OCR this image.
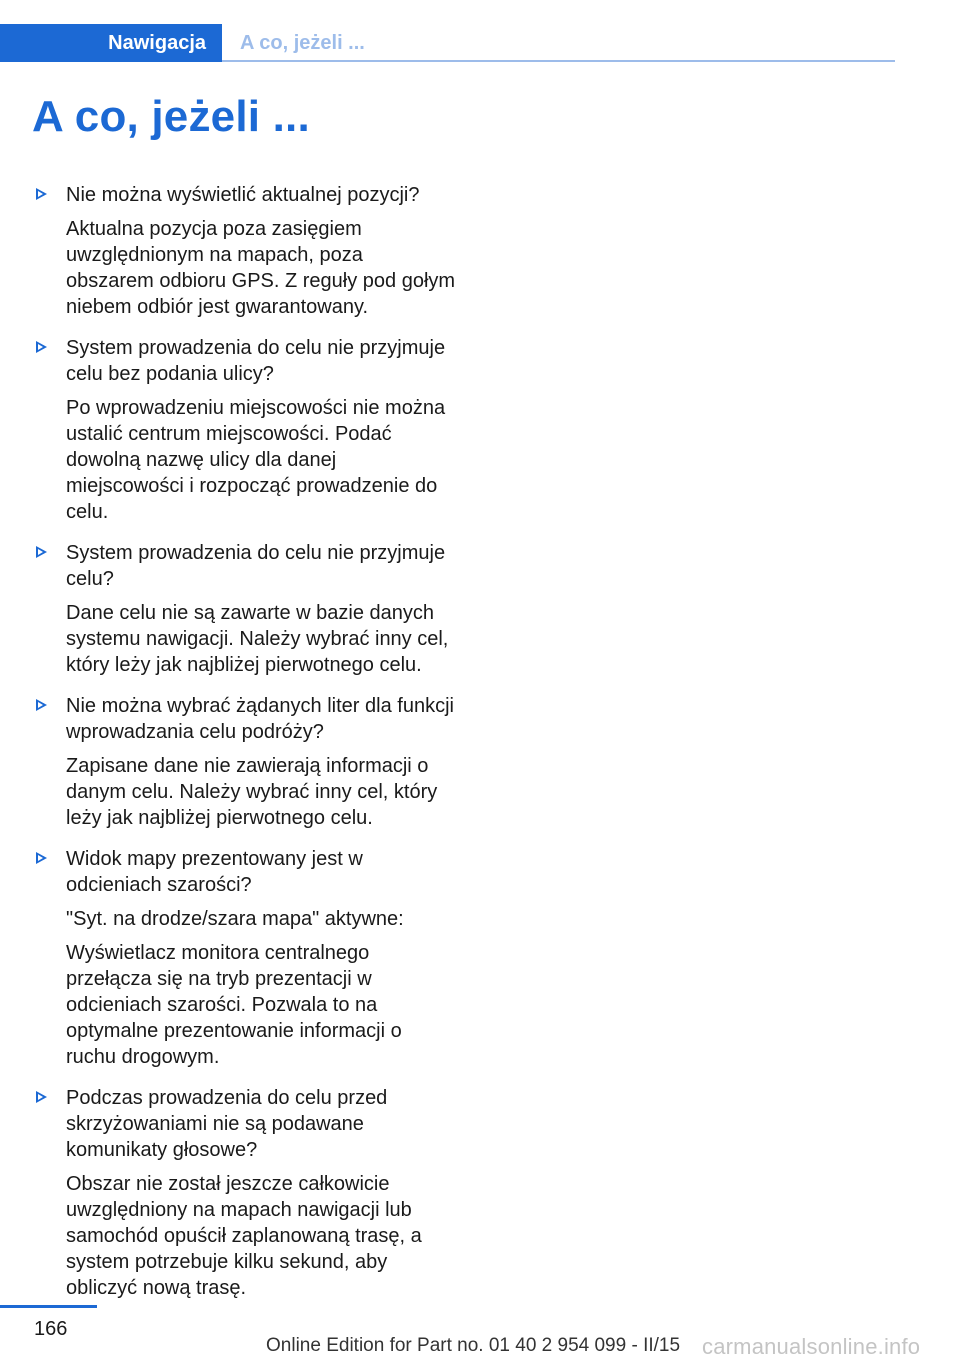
Nawigacja A co, jeżeli ...
A co, jeżeli ...

Nie można wyświetlić aktualnej pozycji?

Aktualna pozycja poza zasięgiem uwzględnionym na mapach, poza obszarem odbioru GPS. Z reguły pod gołym niebem odbiór jest gwarantowany.

System prowadzenia do celu nie przyjmuje celu bez podania ulicy?

Po wprowadzeniu miejscowości nie można ustalić centrum miejscowości. Podać dowolną nazwę ulicy dla danej miejscowości i rozpocząć prowadzenie do celu.

System prowadzenia do celu nie przyjmuje celu?

Dane celu nie są zawarte w bazie danych systemu nawigacji. Należy wybrać inny cel, który leży jak najbliżej pierwotnego celu.

Nie można wybrać żądanych liter dla funkcji wprowadzania celu podróży?

Zapisane dane nie zawierają informacji o danym celu. Należy wybrać inny cel, który leży jak najbliżej pierwotnego celu.

Widok mapy prezentowany jest w odcieniach szarości?

"Syt. na drodze/szara mapa" aktywne:

Wyświetlacz monitora centralnego przełącza się na tryb prezentacji w odcieniach szarości. Pozwala to na optymalne prezentowanie informacji o ruchu drogowym.

Podczas prowadzenia do celu przed skrzyżowaniami nie są podawane komunikaty głosowe?

Obszar nie został jeszcze całkowicie uwzględniony na mapach nawigacji lub samochód opuścił zaplanowaną trasę, a system potrzebuje kilku sekund, aby obliczyć nową trasę.

166
Online Edition for Part no. 01 40 2 954 099 - II/15 carmanualsonline.info
